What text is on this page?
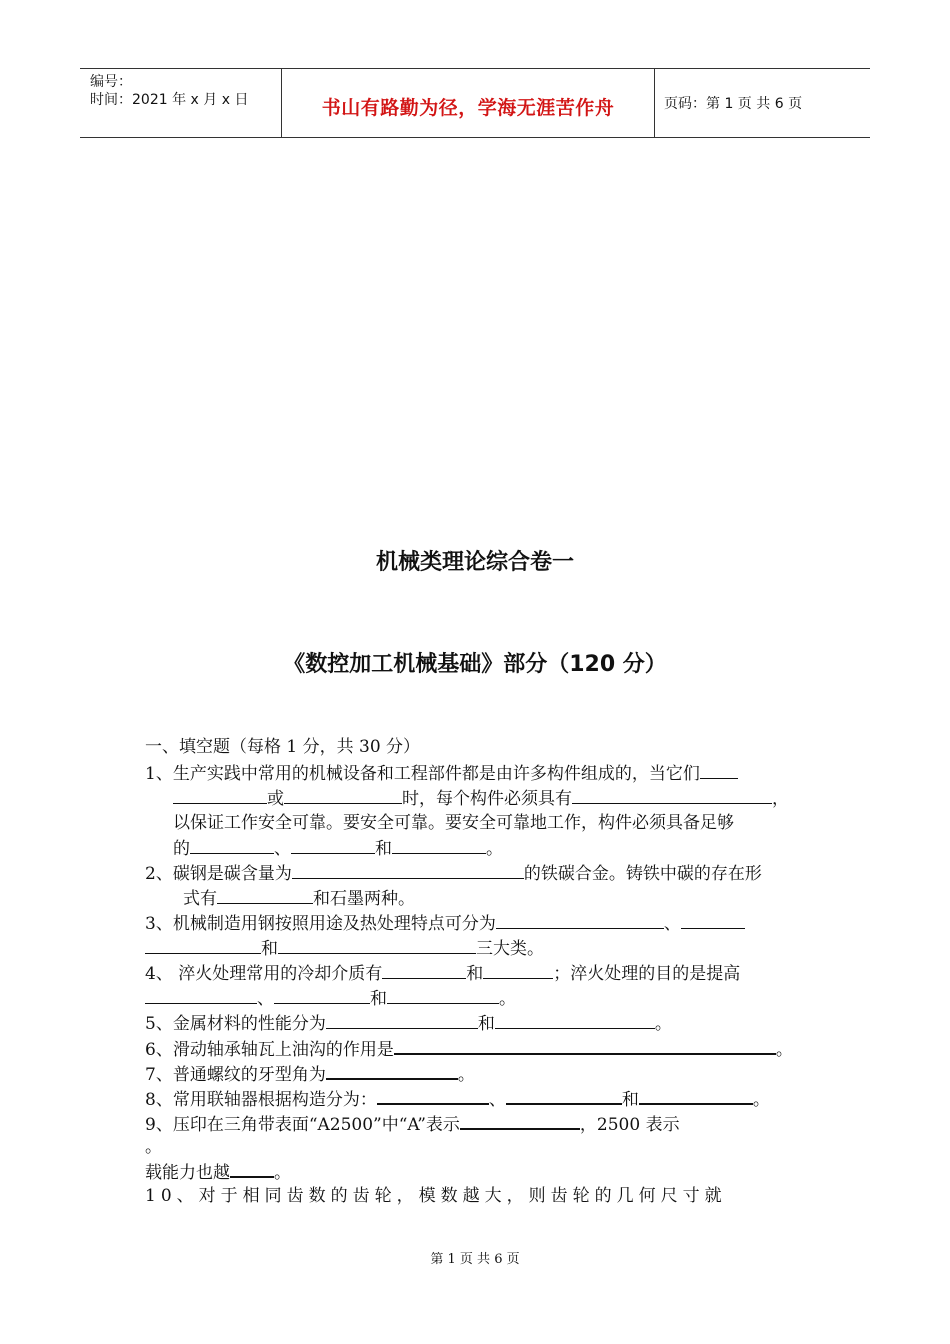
编号：
时间：2021 年 x 月 x 日	书山有路勤为径，学海无涯苦作舟	页码：第 1 页 共 6 页
机械类理论综合卷一
《数控加工机械基础》部分（120 分）
一、填空题（每格 1 分，共 30 分）
1、生产实践中常用的机械设备和工程部件都是由许多构件组成的，当它们
或	时，每个构件必须具有	，
以保证工作安全可靠。要安全可靠。要安全可靠地工作，构件必须具备足够
的	、	和	。
2、碳钢是碳含量为	的铁碳合金。铸铁中碳的存在形
式有	和石墨两种。
3、机械制造用钢按照用途及热处理特点可分为	、
和	三大类。
4、 淬火处理常用的冷却介质有	和	；淬火处理的目的是提高
、	和	。
5、金属材料的性能分为	和	。
6、滑动轴承轴瓦上油沟的作用是	。
7、普通螺纹的牙型角为	。
8、常用联轴器根据构造分为：	、	和	。
9、压印在三角带表面“A2500”中“A”表示	，2500 表示
。
载能力也越	。
10、对于相同齿数的齿轮，模数越大，则齿轮的几何尺寸就
第 1 页 共 6 页
